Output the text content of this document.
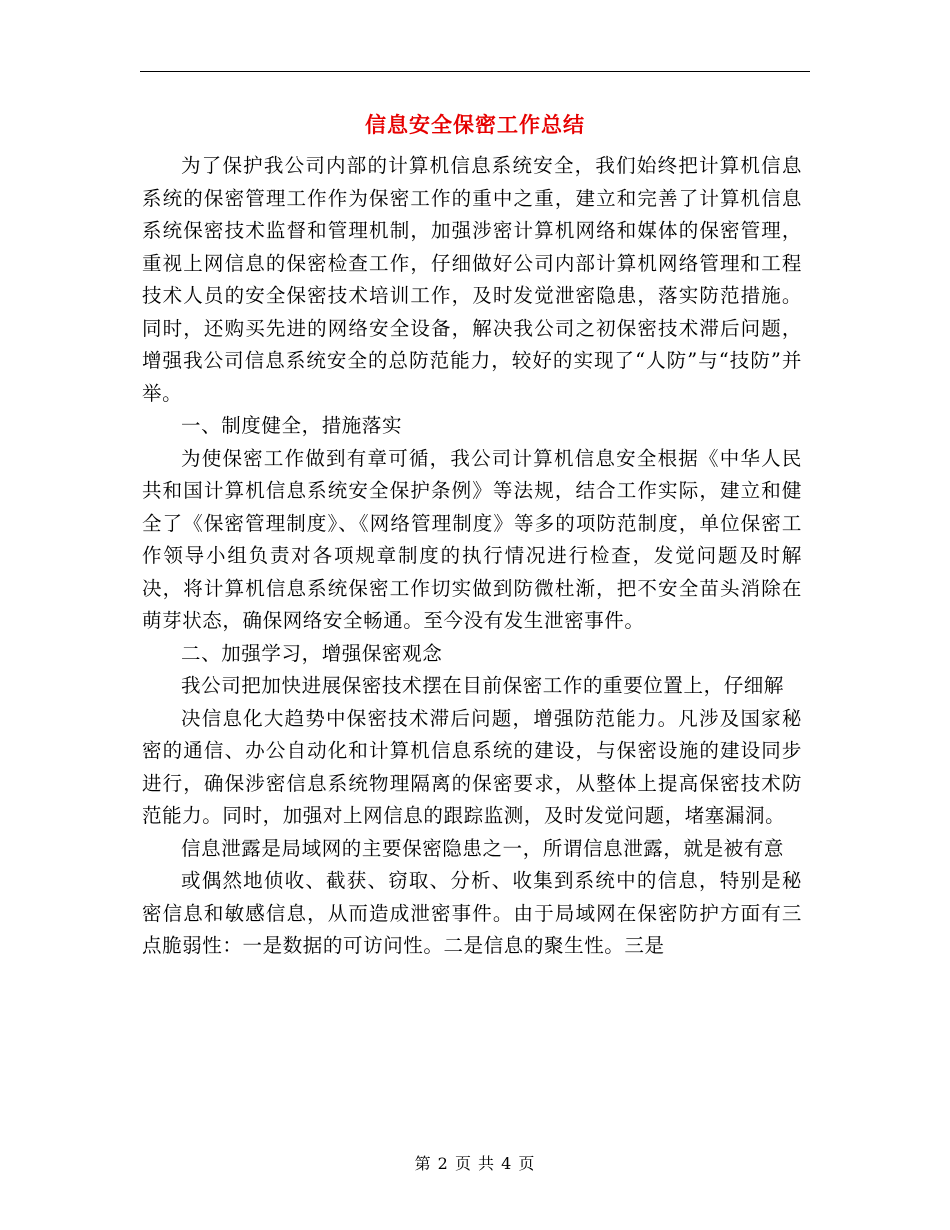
信息安全保密工作总结

为了保护我公司内部的计算机信息系统安全，我们始终把计算机信息系统的保密管理工作作为保密工作的重中之重，建立和完善了计算机信息系统保密技术监督和管理机制，加强涉密计算机网络和媒体的保密管理，重视上网信息的保密检查工作，仔细做好公司内部计算机网络管理和工程技术人员的安全保密技术培训工作，及时发觉泄密隐患，落实防范措施。同时，还购买先进的网络安全设备，解决我公司之初保密技术滞后问题，增强我公司信息系统安全的总防范能力，较好的实现了“人防”与“技防”并举。

一、制度健全，措施落实

为使保密工作做到有章可循，我公司计算机信息安全根据《中华人民共和国计算机信息系统安全保护条例》等法规，结合工作实际，建立和健全了《保密管理制度》、《网络管理制度》等多的项防范制度，单位保密工作领导小组负责对各项规章制度的执行情况进行检查，发觉问题及时解决，将计算机信息系统保密工作切实做到防微杜渐，把不安全苗头消除在萌芽状态，确保网络安全畅通。至今没有发生泄密事件。

二、加强学习，增强保密观念

我公司把加快进展保密技术摆在目前保密工作的重要位置上，仔细解

决信息化大趋势中保密技术滞后问题，增强防范能力。凡涉及国家秘密的通信、办公自动化和计算机信息系统的建设，与保密设施的建设同步进行，确保涉密信息系统物理隔离的保密要求，从整体上提高保密技术防范能力。同时，加强对上网信息的跟踪监测，及时发觉问题，堵塞漏洞。

信息泄露是局域网的主要保密隐患之一，所谓信息泄露，就是被有意

或偶然地侦收、截获、窃取、分析、收集到系统中的信息，特别是秘密信息和敏感信息，从而造成泄密事件。由于局域网在保密防护方面有三点脆弱性：一是数据的可访问性。二是信息的聚生性。三是

第 2 页 共 4 页
